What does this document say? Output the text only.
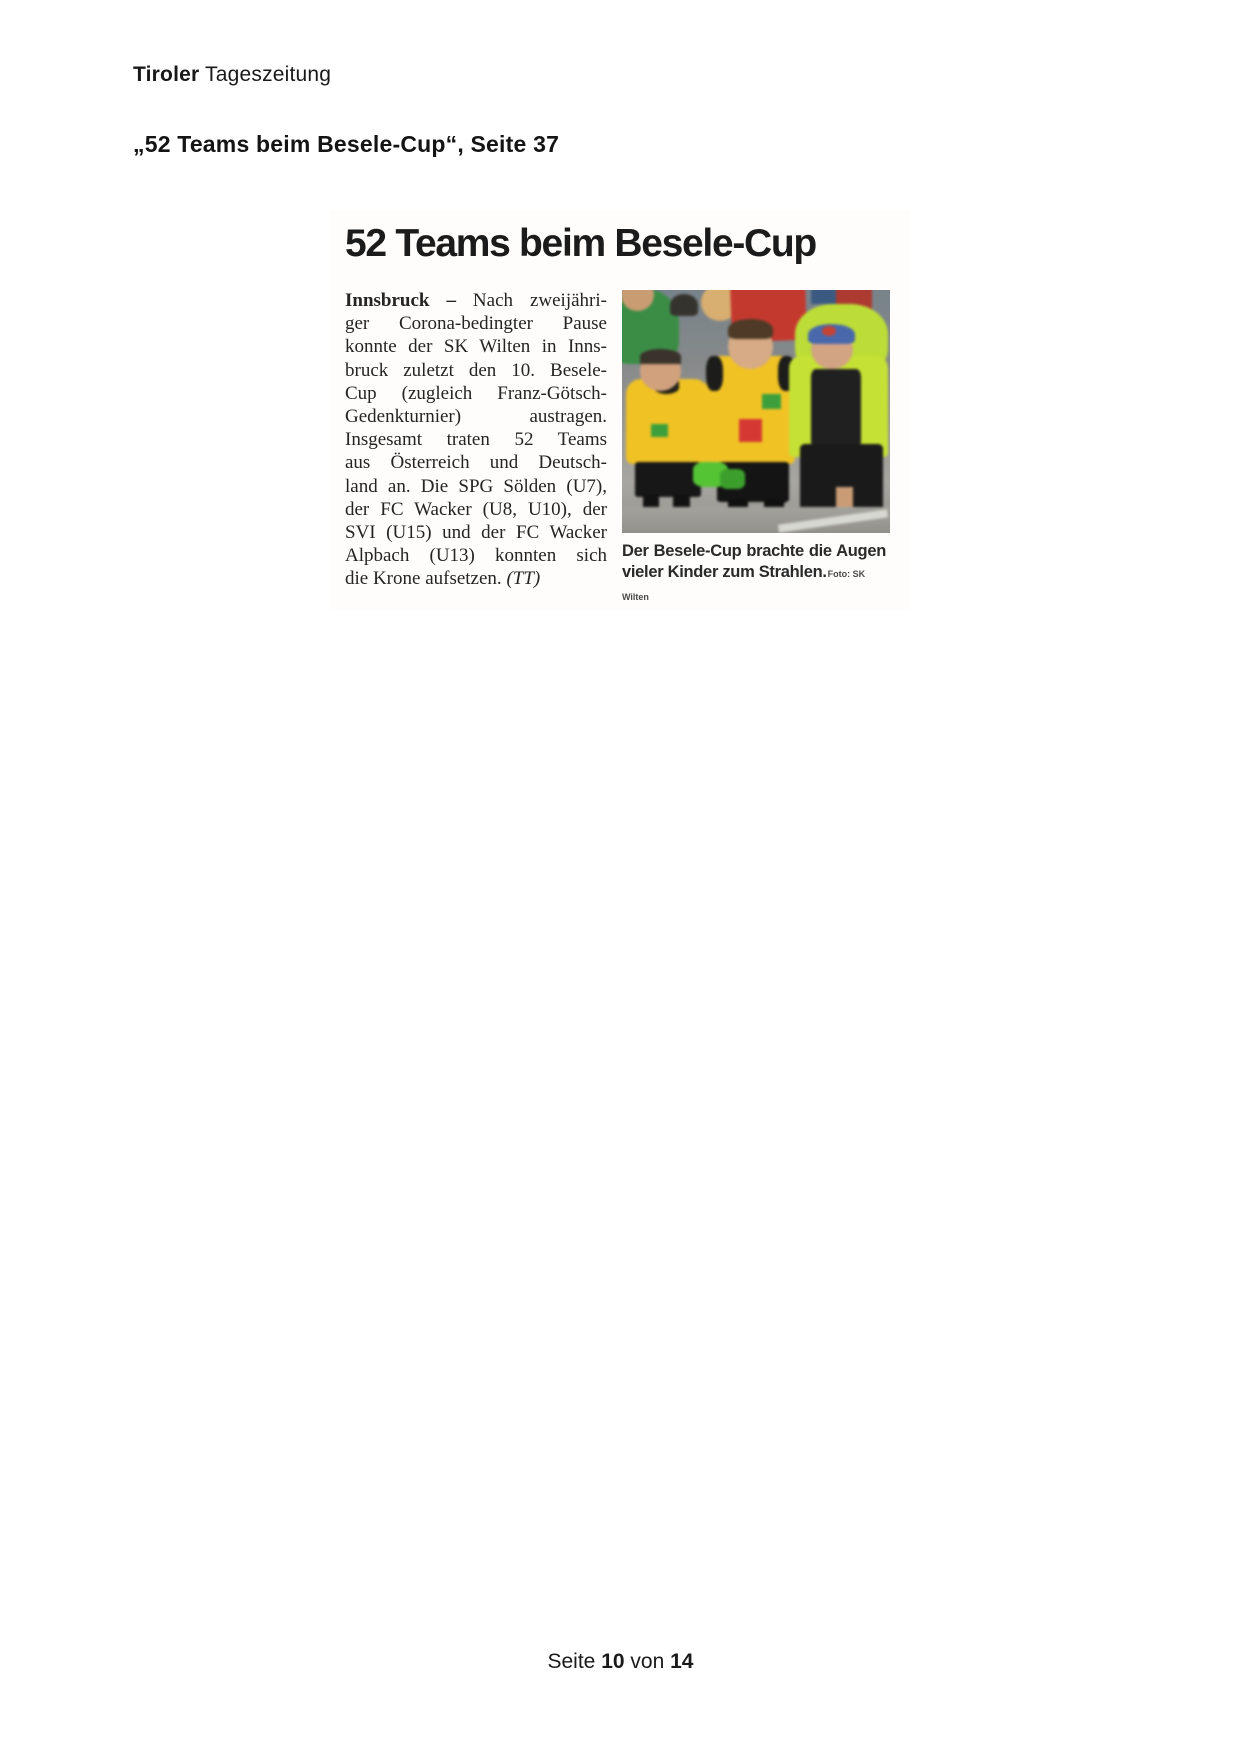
Tiroler Tageszeitung
„52 Teams beim Besele-Cup“, Seite 37
52 Teams beim Besele-Cup
Innsbruck – Nach zweijähri-
ger Corona-bedingter Pause
konnte der SK Wilten in Inns-
bruck zuletzt den 10. Besele-
Cup (zugleich Franz-Götsch-
Gedenkturnier) austragen.
Insgesamt traten 52 Teams
aus Österreich und Deutsch-
land an. Die SPG Sölden (U7),
der FC Wacker (U8, U10), der
SVI (U15) und der FC Wacker
Alpbach (U13) konnten sich
die Krone aufsetzen. (TT)
Der Besele-Cup brachte die Augen
vieler Kinder zum Strahlen.Foto: SK Wilten
Seite 10 von 14
